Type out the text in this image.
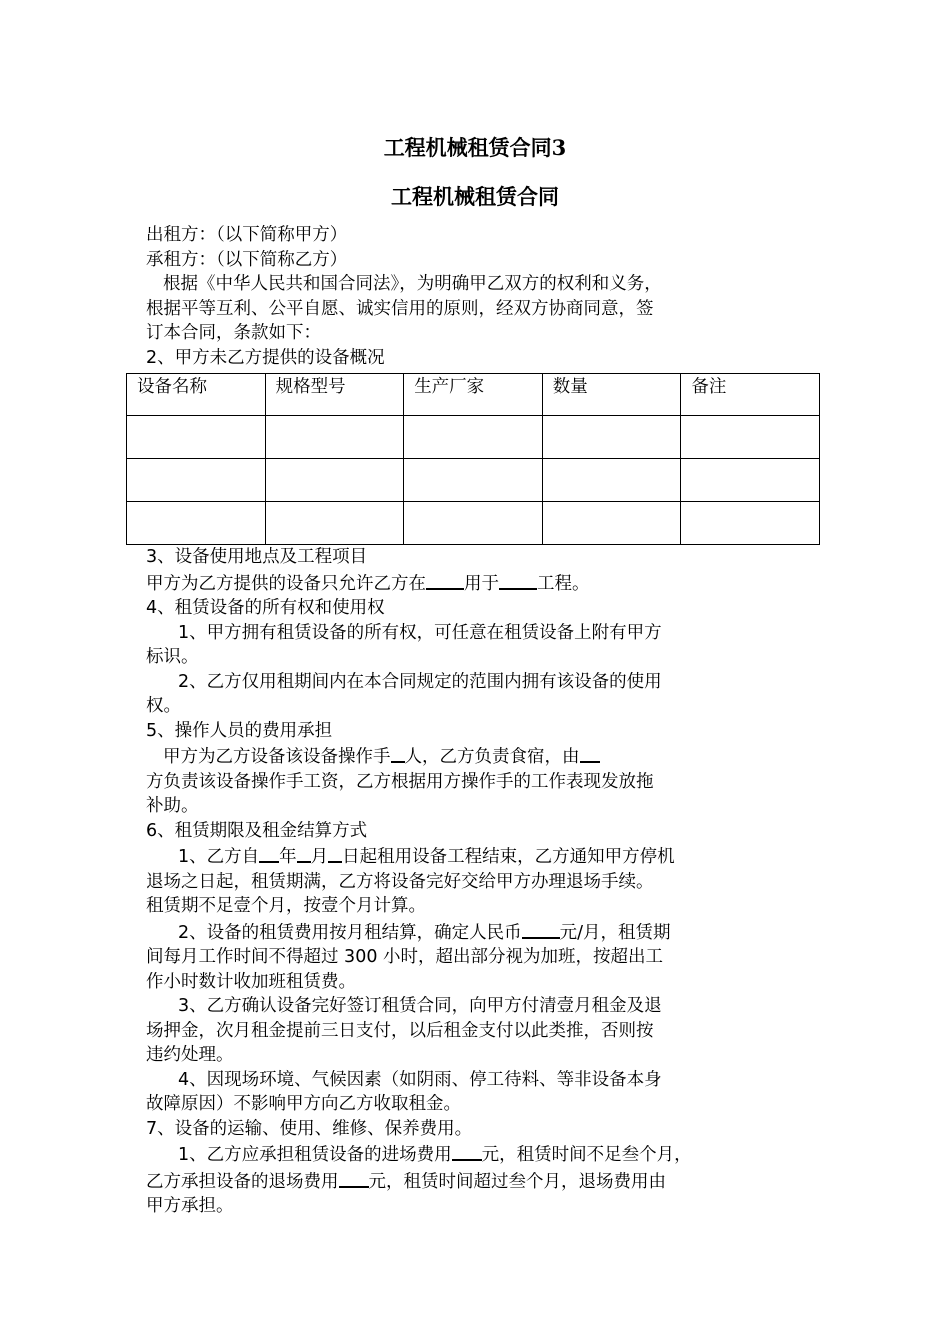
工程机械租赁合同3
工程机械租赁合同

出租方：（以下简称甲方）

承租方：（以下简称乙方）

根据《中华人民共和国合同法》，为明确甲乙双方的权利和义务，

根据平等互利、公平自愿、诚实信用的原则，经双方协商同意，签

订本合同，条款如下：

2、甲方未乙方提供的设备概况

设备名称	规格型号	生产厂家	数量	备注

3、设备使用地点及工程项目

甲方为乙方提供的设备只允许乙方在 用于 工程。

4、租赁设备的所有权和使用权

1、甲方拥有租赁设备的所有权，可任意在租赁设备上附有甲方

标识。

2、乙方仅用租期间内在本合同规定的范围内拥有该设备的使用

权。

5、操作人员的费用承担

甲方为乙方设备该设备操作手 人，乙方负责食宿，由

方负责该设备操作手工资，乙方根据用方操作手的工作表现发放拖

补助。

6、租赁期限及租金结算方式

1、乙方自 年 月 日起租用设备工程结束，乙方通知甲方停机

退场之日起，租赁期满，乙方将设备完好交给甲方办理退场手续。

租赁期不足壹个月，按壹个月计算。

2、设备的租赁费用按月租结算，确定人民币 元/月，租赁期

间每月工作时间不得超过 300 小时，超出部分视为加班，按超出工

作小时数计收加班租赁费。

3、乙方确认设备完好签订租赁合同，向甲方付清壹月租金及退

场押金，次月租金提前三日支付，以后租金支付以此类推，否则按

违约处理。

4、因现场环境、气候因素（如阴雨、停工待料、等非设备本身

故障原因）不影响甲方向乙方收取租金。

7、设备的运输、使用、维修、保养费用。

1、乙方应承担租赁设备的进场费用 元，租赁时间不足叁个月，

乙方承担设备的退场费用 元，租赁时间超过叁个月，退场费用由

甲方承担。
